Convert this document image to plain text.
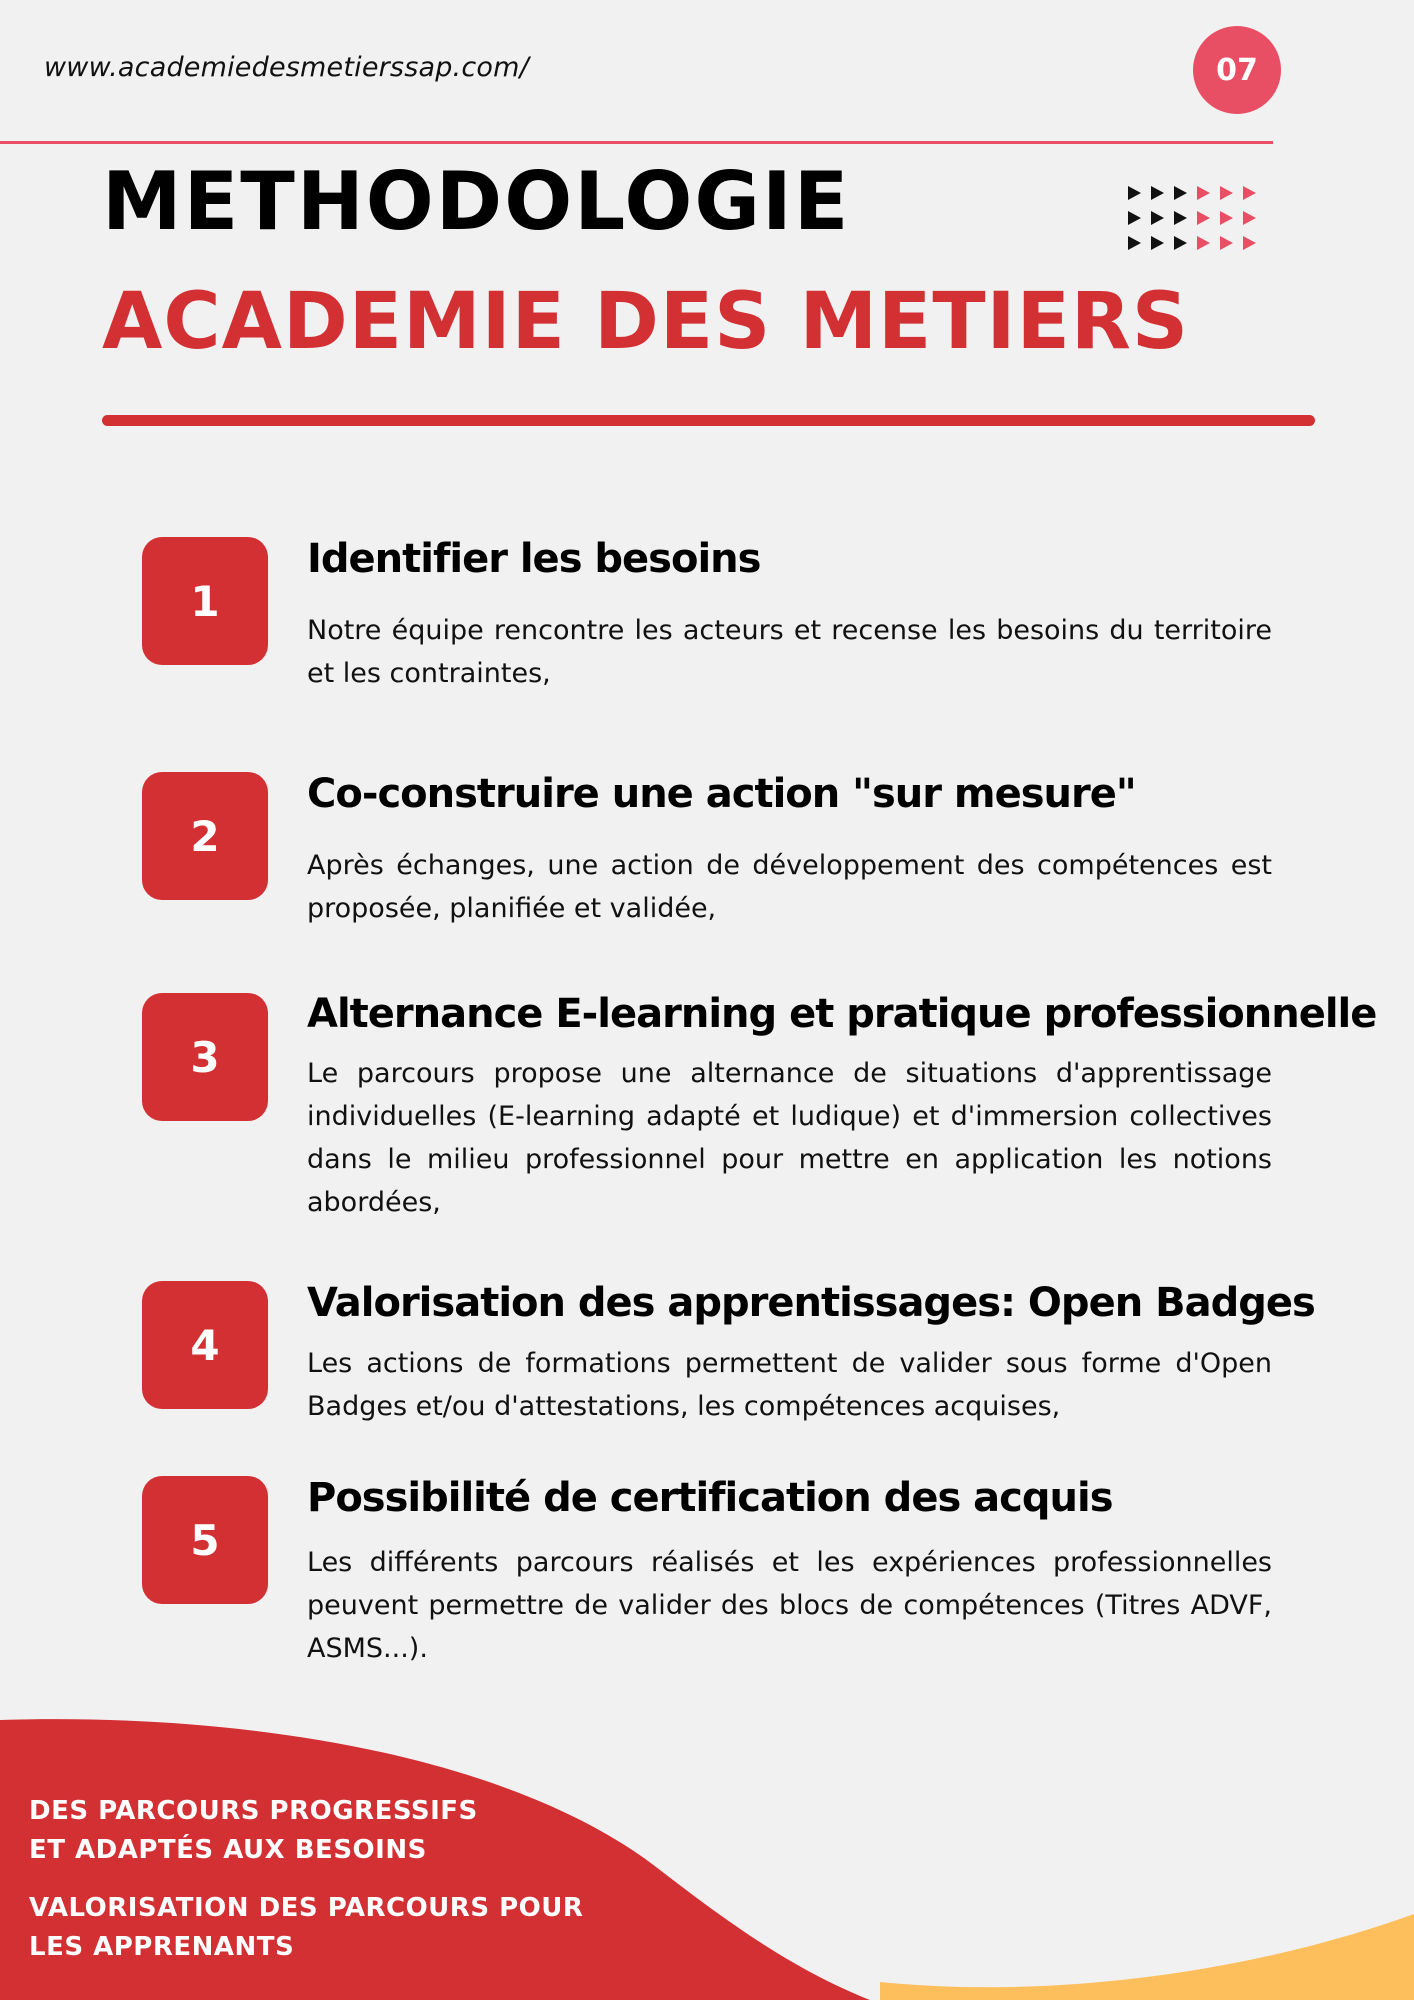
www.academiedesmetierssap.com/	07
METHODOLOGIE
ACADEMIE DES METIERS
1
Identifier les besoins

Notre équipe rencontre les acteurs et recense les besoins du territoire et les contraintes,

2
Co-construire une action "sur mesure"

Après échanges, une action de développement des compétences est proposée, planifiée et validée,

3
Alternance E-learning et pratique professionnelle

Le parcours propose une alternance de situations d'apprentissage individuelles (E-learning adapté et ludique) et d'immersion collectives dans le milieu professionnel pour mettre en application les notions abordées,

4
Valorisation des apprentissages: Open Badges

Les actions de formations permettent de valider sous forme d'Open Badges et/ou d'attestations, les compétences acquises,

5
Possibilité de certification des acquis

Les différents parcours réalisés et les expériences professionnelles peuvent permettre de valider des blocs de compétences (Titres ADVF, ASMS...).

DES PARCOURS PROGRESSIFS
ET ADAPTÉS AUX BESOINS

VALORISATION DES PARCOURS POUR
LES APPRENANTS
